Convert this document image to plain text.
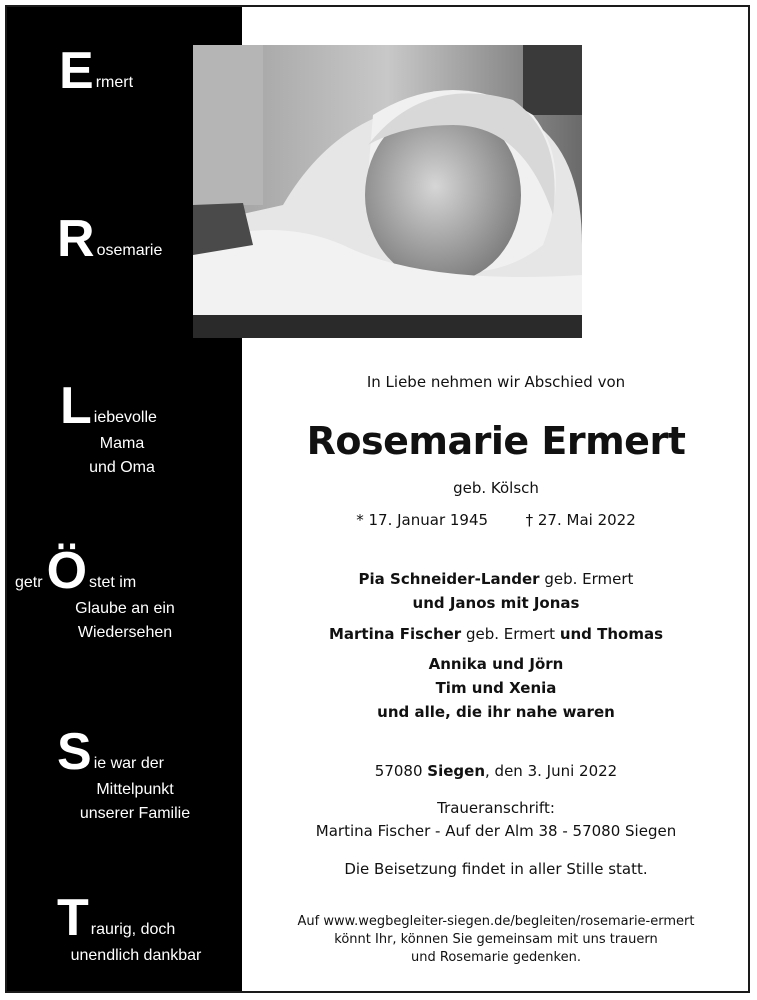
E rmert
R osemarie
L iebevolle
Mama
und Oma
getr Ö stet im
Glaube an ein
Wiedersehen
S ie war der
Mittelpunkt
unserer Familie
T raurig, doch
unendlich dankbar
In Liebe nehmen wir Abschied von
Rosemarie Ermert
geb. Kölsch
* 17. Januar 1945	† 27. Mai 2022
Pia Schneider-Lander geb. Ermert
und Janos mit Jonas
Martina Fischer geb. Ermert und Thomas
Annika und Jörn
Tim und Xenia
und alle, die ihr nahe waren
57080 Siegen, den 3. Juni 2022
Traueranschrift:
Martina Fischer - Auf der Alm 38 - 57080 Siegen
Die Beisetzung findet in aller Stille statt.
Auf www.wegbegleiter-siegen.de/begleiten/rosemarie-ermert
könnt Ihr, können Sie gemeinsam mit uns trauern
und Rosemarie gedenken.
